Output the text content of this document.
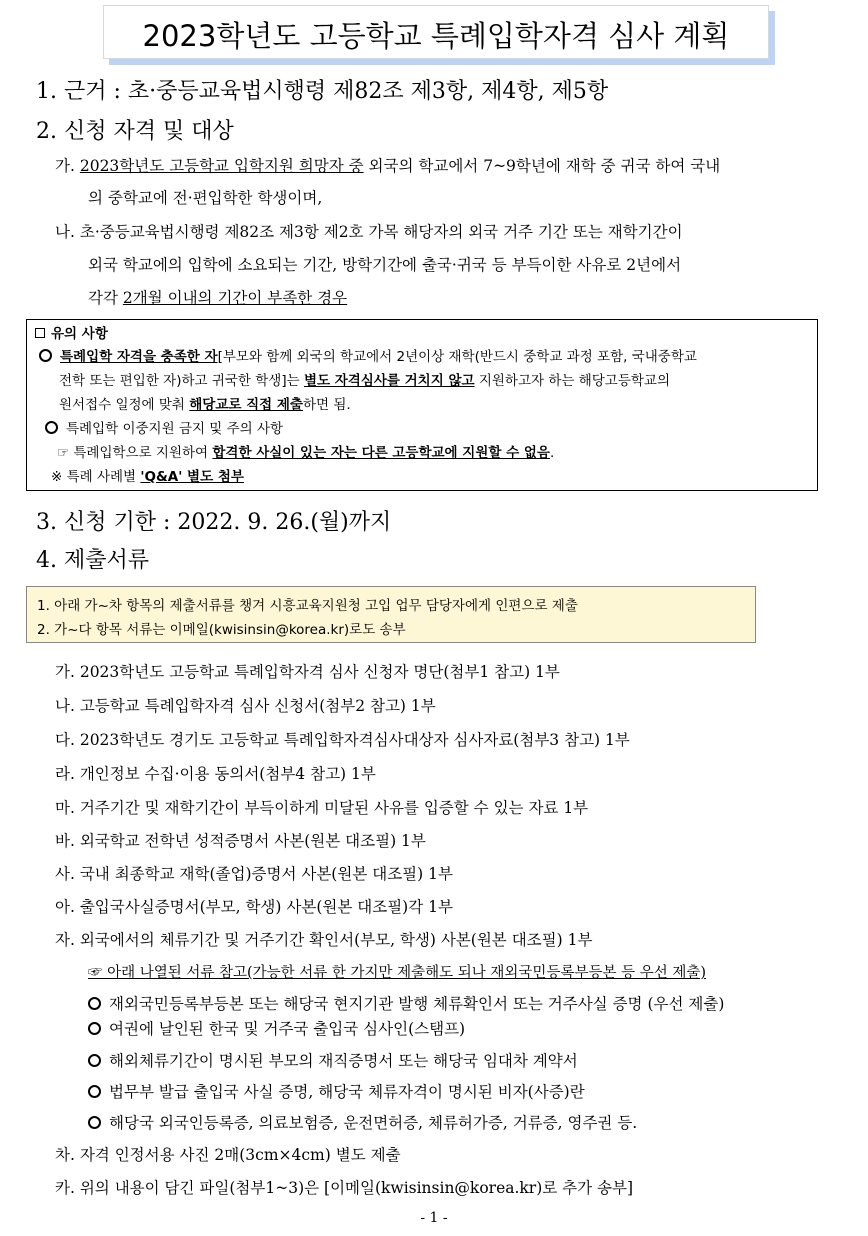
2023학년도 고등학교 특례입학자격 심사 계획
1. 근거 : 초·중등교육법시행령 제82조 제3항, 제4항, 제5항
2. 신청 자격 및 대상
가. 2023학년도 고등학교 입학지원 희망자 중 외국의 학교에서 7~9학년에 재학 중 귀국 하여 국내
의 중학교에 전·편입학한 학생이며,
나. 초·중등교육법시행령 제82조 제3항 제2호 가목 해당자의 외국 거주 기간 또는 재학기간이
외국 학교에의 입학에 소요되는 기간, 방학기간에 출국·귀국 등 부득이한 사유로 2년에서
각각 2개월 이내의 기간이 부족한 경우
유의 사항
특례입학 자격을 충족한 자[부모와 함께 외국의 학교에서 2년이상 재학(반드시 중학교 과정 포함, 국내중학교
전학 또는 편입한 자)하고 귀국한 학생]는 별도 자격심사를 거치지 않고 지원하고자 하는 해당고등학교의
원서접수 일정에 맞춰 해당교로 직접 제출하면 됨.
특례입학 이중지원 금지 및 주의 사항
☞ 특례입학으로 지원하여 합격한 사실이 있는 자는 다른 고등학교에 지원할 수 없음.
※ 특례 사례별 'Q&A' 별도 첨부
3. 신청 기한 : 2022. 9. 26.(월)까지
4. 제출서류
1. 아래 가~차 항목의 제출서류를 챙겨 시흥교육지원청 고입 업무 담당자에게 인편으로 제출
2. 가~다 항목 서류는 이메일(kwisinsin@korea.kr)로도 송부
가. 2023학년도 고등학교 특례입학자격 심사 신청자 명단(첨부1 참고) 1부
나. 고등학교 특례입학자격 심사 신청서(첨부2 참고) 1부
다. 2023학년도 경기도 고등학교 특례입학자격심사대상자 심사자료(첨부3 참고) 1부
라. 개인정보 수집·이용 동의서(첨부4 참고) 1부
마. 거주기간 및 재학기간이 부득이하게 미달된 사유를 입증할 수 있는 자료 1부
바. 외국학교 전학년 성적증명서 사본(원본 대조필) 1부
사. 국내 최종학교 재학(졸업)증명서 사본(원본 대조필) 1부
아. 출입국사실증명서(부모, 학생) 사본(원본 대조필)각 1부
자. 외국에서의 체류기간 및 거주기간 확인서(부모, 학생) 사본(원본 대조필) 1부
☞ 아래 나열된 서류 참고(가능한 서류 한 가지만 제출해도 되나 재외국민등록부등본 등 우선 제출)
재외국민등록부등본 또는 해당국 현지기관 발행 체류확인서 또는 거주사실 증명 (우선 제출)
여권에 날인된 한국 및 거주국 출입국 심사인(스탬프)
해외체류기간이 명시된 부모의 재직증명서 또는 해당국 임대차 계약서
법무부 발급 출입국 사실 증명, 해당국 체류자격이 명시된 비자(사증)란
해당국 외국인등록증, 의료보험증, 운전면허증, 체류허가증, 거류증, 영주권 등.
차. 자격 인정서용 사진 2매(3cm×4cm) 별도 제출
카. 위의 내용이 담긴 파일(첨부1~3)은 [이메일(kwisinsin@korea.kr)로 추가 송부]
- 1 -
